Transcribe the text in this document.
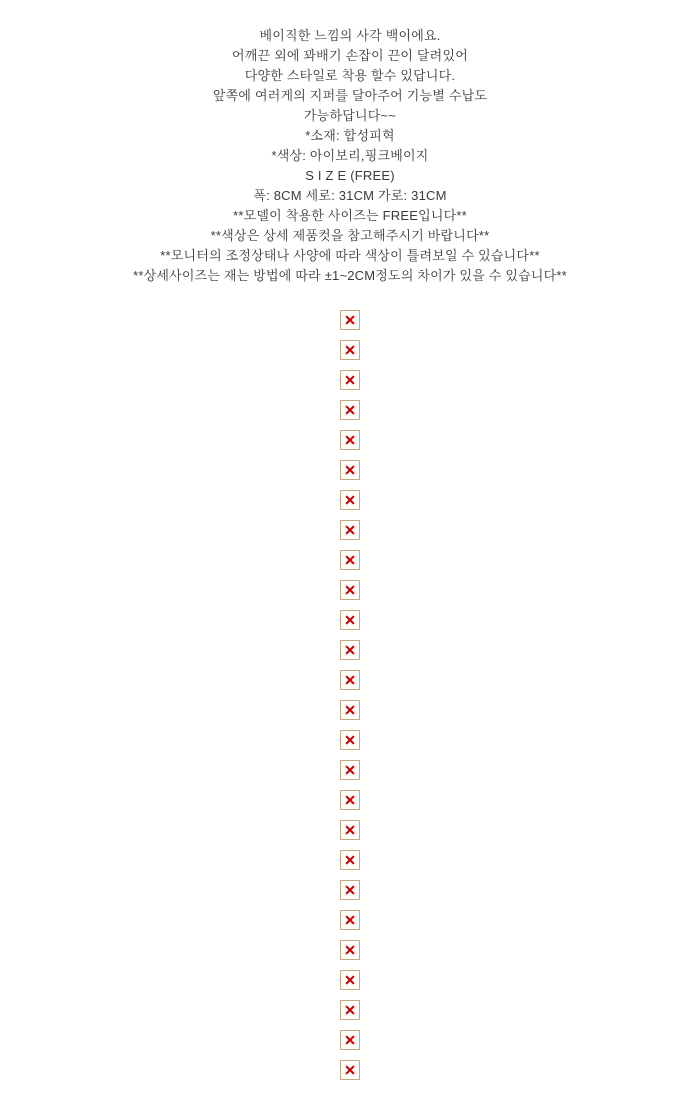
베이직한 느낌의 사각 백이에요.
어깨끈 외에 꽈배기 손잡이 끈이 달려있어
다양한 스타일로 착용 할수 있답니다.
앞쪽에 여러게의 지퍼를 달아주어 기능별 수납도
가능하답니다~~
*소재: 합성피혁
*색상: 아이보리,핑크베이지
S I Z E (FREE)
폭: 8CM 세로: 31CM 가로: 31CM
**모델이 착용한 사이즈는 FREE입니다**
**색상은 상세 제품컷을 참고해주시기 바랍니다**
**모니터의 조정상태나 사양에 따라 색상이 틀려보일 수 있습니다**
**상세사이즈는 재는 방법에 따라 ±1~2CM정도의 차이가 있을 수 있습니다**
